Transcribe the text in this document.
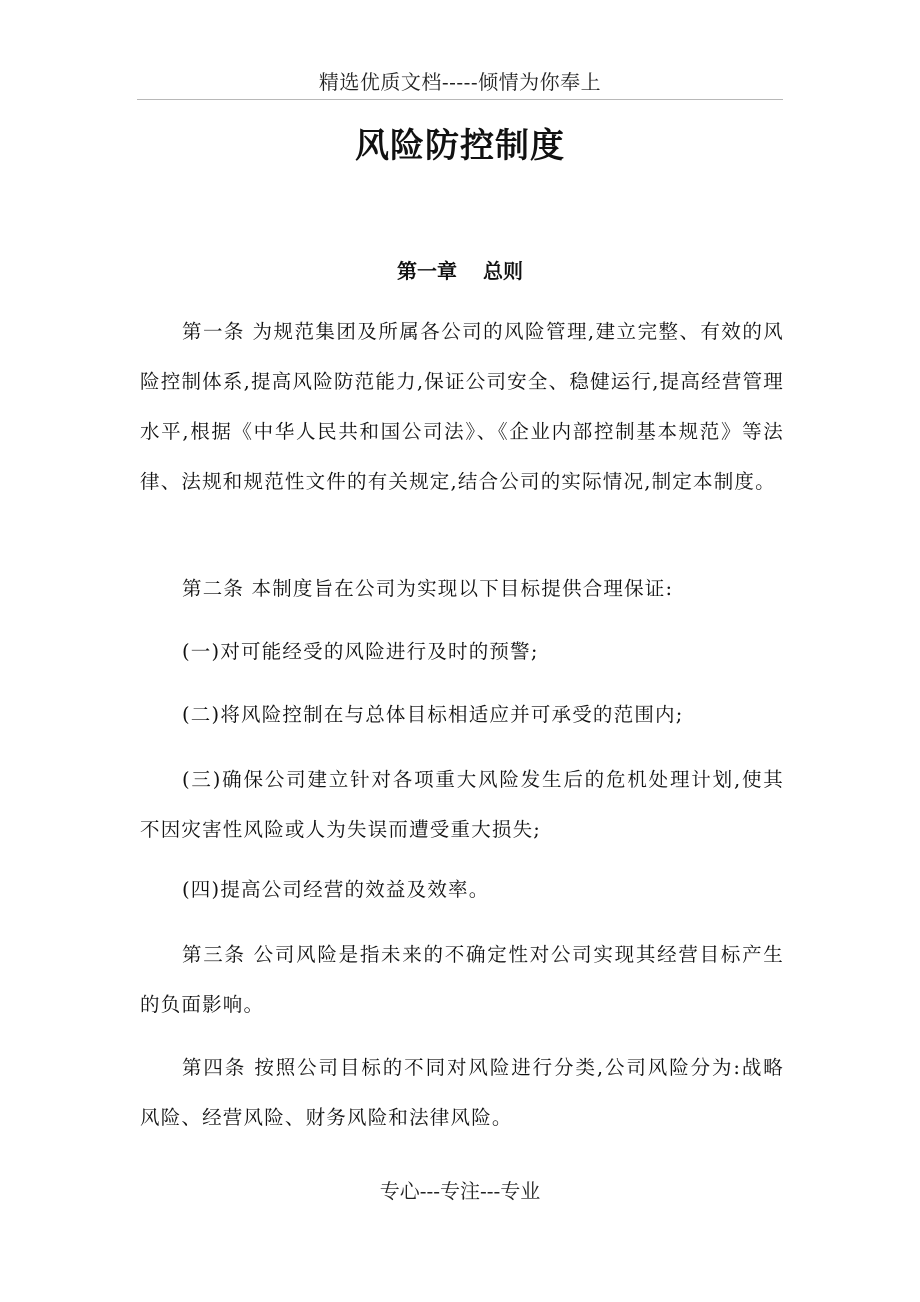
精选优质文档-----倾情为你奉上
风险防控制度
第一章 总则

第一条 为规范集团及所属各公司的风险管理,建立完整、有效的风险控制体系,提高风险防范能力,保证公司安全、稳健运行,提高经营管理水平,根据《中华人民共和国公司法》、《企业内部控制基本规范》等法律、法规和规范性文件的有关规定,结合公司的实际情况,制定本制度。

第二条 本制度旨在公司为实现以下目标提供合理保证:

(一)对可能经受的风险进行及时的预警;

(二)将风险控制在与总体目标相适应并可承受的范围内;

(三)确保公司建立针对各项重大风险发生后的危机处理计划,使其不因灾害性风险或人为失误而遭受重大损失;

(四)提高公司经营的效益及效率。

第三条 公司风险是指未来的不确定性对公司实现其经营目标产生的负面影响。

第四条 按照公司目标的不同对风险进行分类,公司风险分为:战略风险、经营风险、财务风险和法律风险。

专心---专注---专业
